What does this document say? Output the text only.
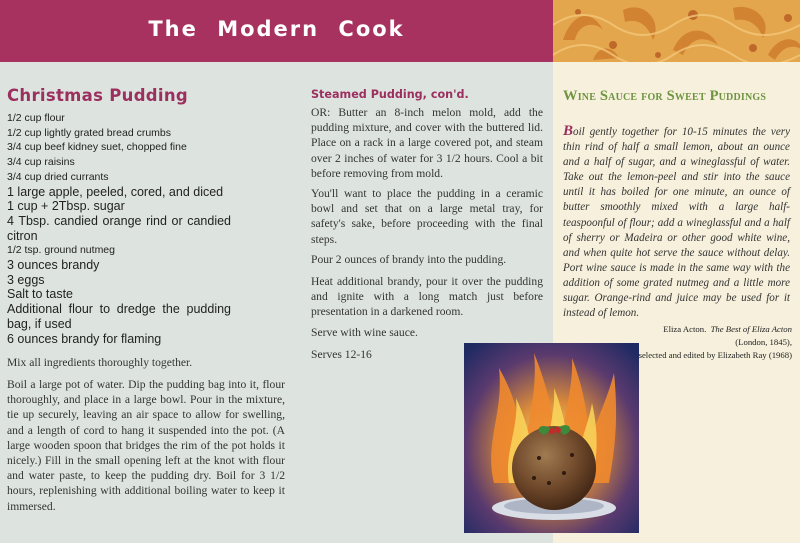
The Modern Cook
Christmas Pudding
1/2 cup flour
1/2 cup lightly grated bread crumbs
3/4 cup beef kidney suet, chopped fine
3/4 cup raisins
3/4 cup dried currants
1 large apple, peeled, cored, and diced
1 cup + 2Tbsp. sugar
4 Tbsp. candied orange rind or candied
citron
1/2 tsp. ground nutmeg
3 ounces brandy
3 eggs
Salt to taste
Additional flour to dredge the pudding
bag, if used
6 ounces brandy for flaming
Mix all ingredients thoroughly together.
Boil a large pot of water. Dip the pudding bag into it, flour thoroughly, and place in a large bowl. Pour in the mixture, tie up securely, leaving an air space to allow for swelling, and a length of cord to hang it suspended into the pot. (A large wooden spoon that bridges the rim of the pot holds it nicely.) Fill in the small opening left at the knot with flour and water paste, to keep the pudding dry. Boil for 3 1/2 hours, replenishing with additional boiling water to keep it immersed.
Steamed Pudding, con'd.
OR: Butter an 8-inch melon mold, add the pudding mixture, and cover with the buttered lid. Place on a rack in a large covered pot, and steam over 2 inches of water for 3 1/2 hours. Cool a bit before removing from mold.
You'll want to place the pudding in a ceramic bowl and set that on a large metal tray, for safety's sake, before proceeding with the final steps.
Pour 2 ounces of brandy into the pudding.
Heat additional brandy, pour it over the pudding and ignite with a long match just before presentation in a darkened room.
Serve with wine sauce.
Serves 12-16
Wine Sauce for Sweet Puddings
Boil gently together for 10-15 minutes the very thin rind of half a small lemon, about an ounce and a half of sugar, and a wineglassful of water. Take out the lemon-peel and stir into the sauce until it has boiled for one minute, an ounce of butter smoothly mixed with a large half-teaspoonful of flour; add a wineglassful and a half of sherry or Madeira or other good white wine, and when quite hot serve the sauce without delay. Port wine sauce is made in the same way with the addition of some grated nutmeg and a little more sugar. Orange-rind and juice may be used for it instead of lemon.
Eliza Acton. The Best of Eliza Acton
(London, 1845),
selected and edited by Elizabeth Ray (1968)
